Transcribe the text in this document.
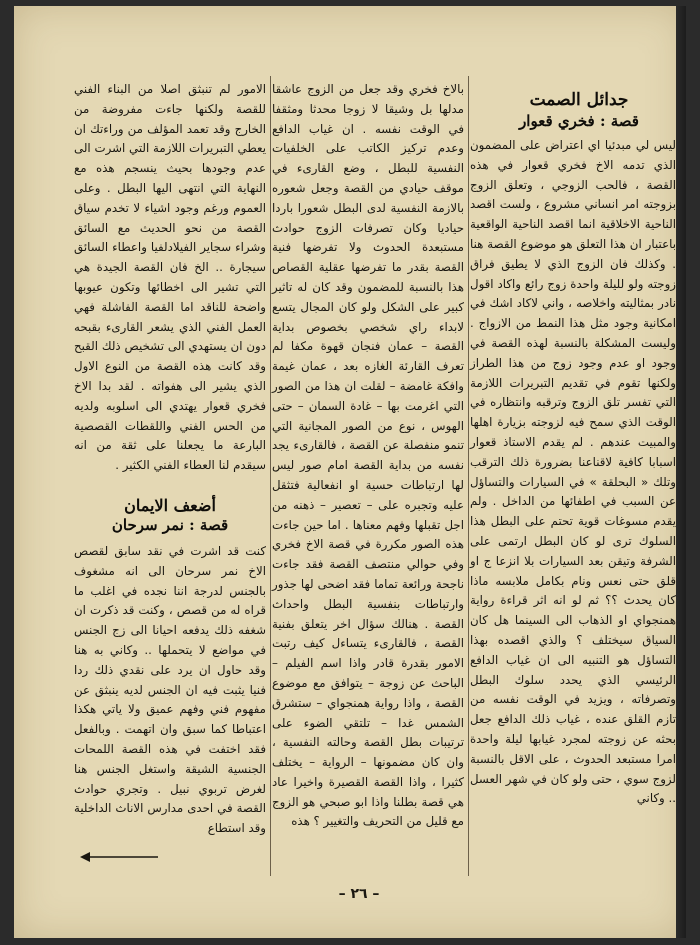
جدائل الصمت
قصة : فخري قعوار

ليس لي مبدئيا اي اعتراض على المضمون الذي تدمه الاخ فخري قعوار في هذه القصة ، فالحب الزوجي ، وتعلق الزوج بزوجته امر انساني مشروع ، ولست اقصد الناحية الاخلاقية انما اقصد الناحية الواقعية باعتبار ان هذا التعلق هو موضوع القصة هنا . وكذلك فان الزوج الذي لا يطيق فراق زوجته ولو لليلة واحدة زوج رائع واكاد اقول نادر بمثاليته واخلاصه ، واني لاكاد اشك في امكانية وجود مثل هذا النمط من الازواج . وليست المشكلة بالنسبة لهذه القصة في وجود او عدم وجود زوج من هذا الطراز ولكنها تقوم في تقديم التبريرات اللازمة التي تفسر تلق الزوج وترقبه وانتظاره في الوقت الذي سمح فيه لزوجته بزيارة اهلها والمبيت عندهم . لم يقدم الاستاذ قعوار اسبابا كافية لاقناعنا بضرورة ذلك الترقب وتلك « البحلقة » في السيارات والتساؤل عن السبب في اطفائها من الداخل . ولم يقدم مسوغات قوية تحتم على البطل هذا السلوك ترى لو كان البطل ارتمى على الشرفة وتيقن بعد السيارات بلا انزعا ج او قلق حتى نعس ونام بكامل ملابسه ماذا كان يحدث ؟؟ ثم لو انه اثر قراءة رواية همنجواي او الذهاب الى السينما هل كان السياق سيختلف ؟ والذي اقصده بهذا التساؤل هو التنبيه الى ان غياب الدافع الرئيسي الذي يحدد سلوك البطل وتصرفاته ، ويزيد في الوقت نفسه من تازم القلق عنده ، غياب ذلك الدافع جعل بحثه عن زوجته لمجرد غيابها ليلة واحدة امرا مستبعد الحدوث ، على الاقل بالنسبة لزوج سوي ، حتى ولو كان في شهر العسل .. وكاني

بالاخ فخري وقد جعل من الزوج عاشقا مدلها بل وشيقا لا زوجا محدثا ومثقفا في الوقت نفسه . ان غياب الدافع وعدم تركيز الكاتب على الخلفيات النفسية للبطل ، وضع القارىء في موقف حيادي من القصة وجعل شعوره بالازمة النفسية لدى البطل شعورا باردا حياديا وكان تصرفات الزوج حوادث مستبعدة الحدوث ولا تفرضها فنية القصة بقدر ما تفرضها عقلية القصاص هذا بالنسبة للمضمون وقد كان له تاثير كبير على الشكل ولو كان المجال يتسع لابداء راي شخصي بخصوص بداية القصة – عمان فنجان قهوة مكفا لم تعرف القارئة الغازه بعد ، عمان غيمة وافكة غامضة – لقلت ان هذا من الصور التي اغرمت بها – غادة السمان – حتى الهوس ، نوع من الصور المجانية التي تنمو منفصلة عن القصة ، فالقارىء يجد نفسه من بداية القصة امام صور ليس لها ارتباطات حسية او انفعالية فتثقل عليه وتجبره على – تعصير – ذهنه من اجل تقبلها وفهم معناها . اما حين جاءت هذه الصور مكررة في قصة الاخ فخري وفي حوالي منتصف القصة فقد جاءت ناجحة ورائعة تماما فقد اضحى لها جذور وارتباطات بنفسية البطل واحداث القصة . هنالك سؤال اخر يتعلق بفنية القصة ، فالقارىء يتساءل كيف رتبت الامور بقدرة قادر واذا اسم الفيلم – الباحث عن زوجة – يتوافق مع موضوع القصة ، واذا رواية همنجواي – ستشرق الشمس غدا – تلتقي الضوء على ترتيبات بطل القصة وحالته النفسية ، وان كان مضمونها – الرواية – يختلف كثيرا ، واذا القصة القصيرة واخيرا عاد هي قصة بطلنا واذا ابو صبحي هو الزوج مع قليل من التحريف والتغيير ؟ هذه

الامور لم تنبثق اصلا من البناء الفني للقصة ولكنها جاءت مفروضة من الخارج وقد تعمد المؤلف من وراءتك ان يعطي التبريرات اللازمة التي اشرت الى عدم وجودها بحيث ينسجم هذه مع النهاية التي انتهى اليها البطل . وعلى العموم ورغم وجود اشياء لا تخدم سياق القصة من نحو الحديث مع السائق وشراء سجاير الفيلادلفيا واعطاء السائق سيجارة .. الخ فان القصة الجيدة هي التي تشير الى اخطائها وتكون عيوبها واضحة للناقد اما القصة الفاشلة فهي العمل الفني الذي يشعر القارىء بقبحه دون ان يستهدي الى تشخيص ذلك القبح وقد كانت هذه القصة من النوع الاول الذي يشير الى هفواته . لقد بدا الاخ فخري قعوار يهتدي الى اسلوبه ولديه من الحس الفني واللقطات القصصية البارعة ما يجعلنا على ثقة من انه سيقدم لنا العطاء الفني الكثير .

أضعف الايمان
قصة : نمر سرحان

كنت قد اشرت في نقد سابق لقصص الاخ نمر سرحان الى انه مشغوف بالجنس لدرجة اننا نجده في اغلب ما قراه له من قصص ، وكنت قد ذكرت ان شغفه ذلك يدفعه احيانا الى زج الجنس في مواضع لا يتحملها .. وكاني به هنا وقد حاول ان يرد على نقدي ذلك ردا فنيا يثبت فيه ان الجنس لديه ينبثق عن مفهوم فني وفهم عميق ولا ياتي هكذا اعتباطا كما سبق وان اتهمت . وبالفعل فقد اختفت في هذه القصة اللمحات الجنسية الشيقة واستغل الجنس هنا لغرض تربوي نبيل . وتجري حوادث القصة في احدى مدارس الاناث الداخلية وقد استطاع

– ٢٦ –
